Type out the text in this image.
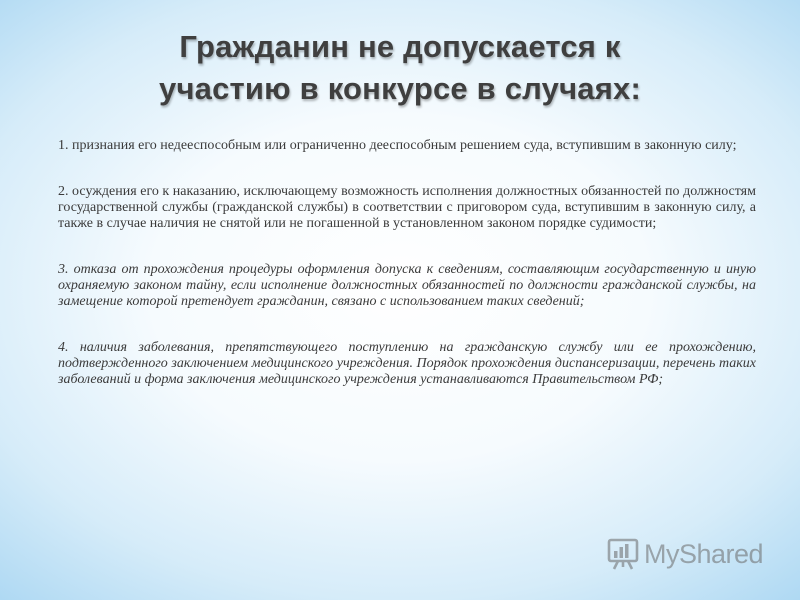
Гражданин не допускается к
участию в конкурсе в случаях:

1. признания его недееспособным или ограниченно дееспособным решением суда, вступившим в законную силу;

2. осуждения его к наказанию, исключающему возможность исполнения должностных обязанностей по должностям государственной службы (гражданской службы) в соответствии с приговором суда, вступившим в законную силу, а также в случае наличия не снятой или не погашенной в установленном законом порядке судимости;

3. отказа от прохождения процедуры оформления допуска к сведениям, составляющим государственную и иную охраняемую законом тайну, если исполнение должностных обязанностей по должности гражданской службы, на замещение которой претендует гражданин, связано с использованием таких сведений;

4. наличия заболевания, препятствующего поступлению на гражданскую службу или ее прохождению, подтвержденного заключением медицинского учреждения. Порядок прохождения диспансеризации, перечень таких заболеваний и форма заключения медицинского учреждения устанавливаются Правительством РФ;

MyShared
